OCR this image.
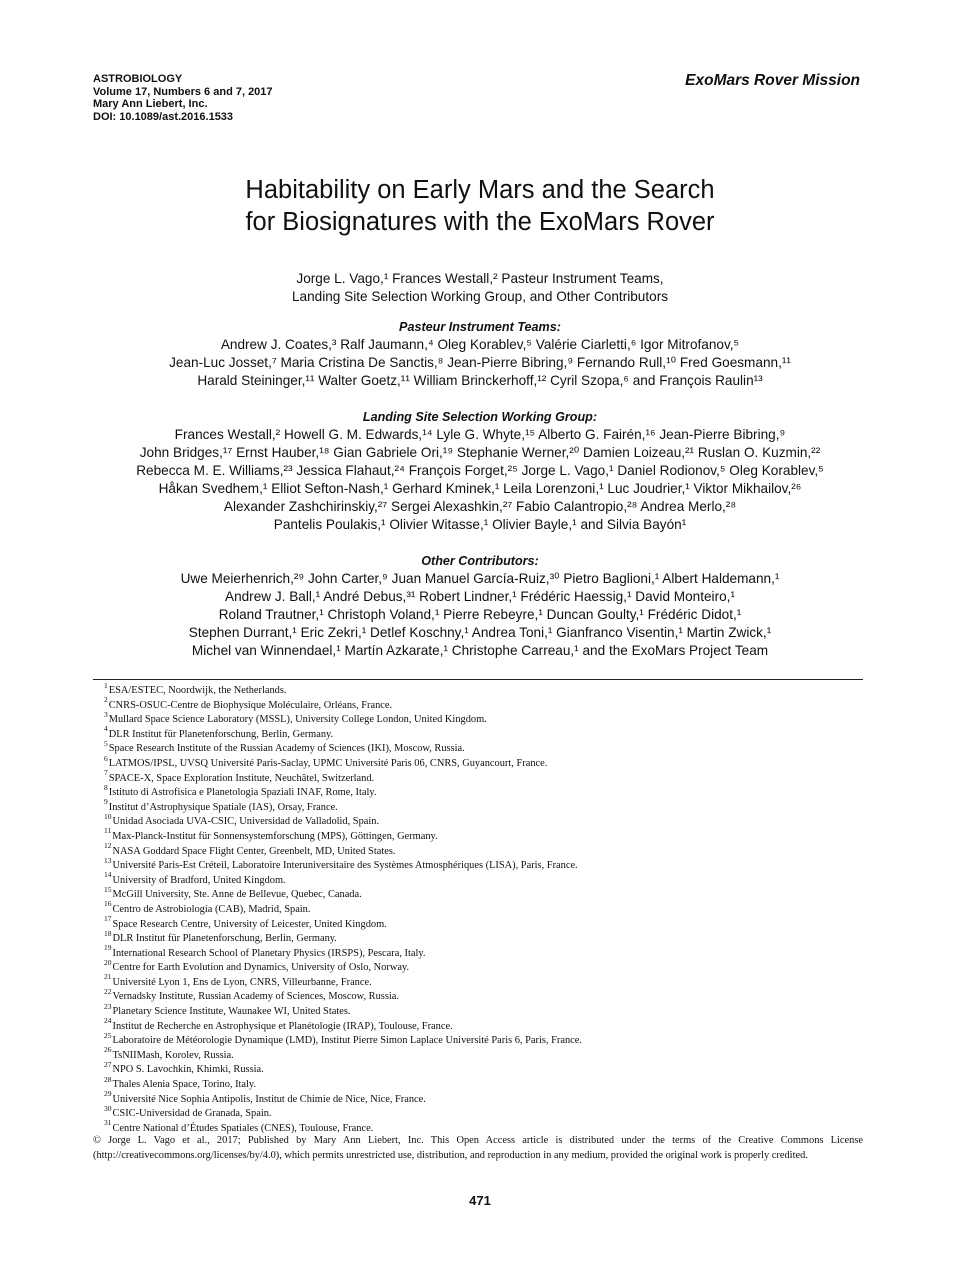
ASTROBIOLOGY
Volume 17, Numbers 6 and 7, 2017
Mary Ann Liebert, Inc.
DOI: 10.1089/ast.2016.1533
ExoMars Rover Mission
Habitability on Early Mars and the Search
for Biosignatures with the ExoMars Rover
Jorge L. Vago,¹ Frances Westall,² Pasteur Instrument Teams,
Landing Site Selection Working Group, and Other Contributors
Pasteur Instrument Teams:
Andrew J. Coates,³ Ralf Jaumann,⁴ Oleg Korablev,⁵ Valérie Ciarletti,⁶ Igor Mitrofanov,⁵
Jean-Luc Josset,⁷ Maria Cristina De Sanctis,⁸ Jean-Pierre Bibring,⁹ Fernando Rull,¹⁰ Fred Goesmann,¹¹
Harald Steininger,¹¹ Walter Goetz,¹¹ William Brinckerhoff,¹² Cyril Szopa,⁶ and François Raulin¹³
Landing Site Selection Working Group:
Frances Westall,² Howell G. M. Edwards,¹⁴ Lyle G. Whyte,¹⁵ Alberto G. Fairén,¹⁶ Jean-Pierre Bibring,⁹
John Bridges,¹⁷ Ernst Hauber,¹⁸ Gian Gabriele Ori,¹⁹ Stephanie Werner,²⁰ Damien Loizeau,²¹ Ruslan O. Kuzmin,²²
Rebecca M. E. Williams,²³ Jessica Flahaut,²⁴ François Forget,²⁵ Jorge L. Vago,¹ Daniel Rodionov,⁵ Oleg Korablev,⁵
Håkan Svedhem,¹ Elliot Sefton-Nash,¹ Gerhard Kminek,¹ Leila Lorenzoni,¹ Luc Joudrier,¹ Viktor Mikhailov,²⁶
Alexander Zashchirinskiy,²⁷ Sergei Alexashkin,²⁷ Fabio Calantropio,²⁸ Andrea Merlo,²⁸
Pantelis Poulakis,¹ Olivier Witasse,¹ Olivier Bayle,¹ and Silvia Bayón¹
Other Contributors:
Uwe Meierhenrich,²⁹ John Carter,⁹ Juan Manuel García-Ruiz,³⁰ Pietro Baglioni,¹ Albert Haldemann,¹
Andrew J. Ball,¹ André Debus,³¹ Robert Lindner,¹ Frédéric Haessig,¹ David Monteiro,¹
Roland Trautner,¹ Christoph Voland,¹ Pierre Rebeyre,¹ Duncan Goulty,¹ Frédéric Didot,¹
Stephen Durrant,¹ Eric Zekri,¹ Detlef Koschny,¹ Andrea Toni,¹ Gianfranco Visentin,¹ Martin Zwick,¹
Michel van Winnendael,¹ Martín Azkarate,¹ Christophe Carreau,¹ and the ExoMars Project Team
$^1$ESA/ESTEC, Noordwijk, the Netherlands.
$^2$CNRS-OSUC-Centre de Biophysique Moléculaire, Orléans, France.
$^3$Mullard Space Science Laboratory (MSSL), University College London, United Kingdom.
$^4$DLR Institut für Planetenforschung, Berlin, Germany.
$^5$Space Research Institute of the Russian Academy of Sciences (IKI), Moscow, Russia.
$^6$LATMOS/IPSL, UVSQ Université Paris-Saclay, UPMC Université Paris 06, CNRS, Guyancourt, France.
$^7$SPACE-X, Space Exploration Institute, Neuchâtel, Switzerland.
$^8$Istituto di Astrofisica e Planetologia Spaziali INAF, Rome, Italy.
$^9$Institut d’Astrophysique Spatiale (IAS), Orsay, France.
$^{10}$Unidad Asociada UVA-CSIC, Universidad de Valladolid, Spain.
$^{11}$Max-Planck-Institut für Sonnensystemforschung (MPS), Göttingen, Germany.
$^{12}$NASA Goddard Space Flight Center, Greenbelt, MD, United States.
$^{13}$Université Paris-Est Créteil, Laboratoire Interuniversitaire des Systèmes Atmosphériques (LISA), Paris, France.
$^{14}$University of Bradford, United Kingdom.
$^{15}$McGill University, Ste. Anne de Bellevue, Quebec, Canada.
$^{16}$Centro de Astrobiología (CAB), Madrid, Spain.
$^{17}$Space Research Centre, University of Leicester, United Kingdom.
$^{18}$DLR Institut für Planetenforschung, Berlin, Germany.
$^{19}$International Research School of Planetary Physics (IRSPS), Pescara, Italy.
$^{20}$Centre for Earth Evolution and Dynamics, University of Oslo, Norway.
$^{21}$Université Lyon 1, Ens de Lyon, CNRS, Villeurbanne, France.
$^{22}$Vernadsky Institute, Russian Academy of Sciences, Moscow, Russia.
$^{23}$Planetary Science Institute, Waunakee WI, United States.
$^{24}$Institut de Recherche en Astrophysique et Planétologie (IRAP), Toulouse, France.
$^{25}$Laboratoire de Météorologie Dynamique (LMD), Institut Pierre Simon Laplace Université Paris 6, Paris, France.
$^{26}$TsNIIMash, Korolev, Russia.
$^{27}$NPO S. Lavochkin, Khimki, Russia.
$^{28}$Thales Alenia Space, Torino, Italy.
$^{29}$Université Nice Sophia Antipolis, Institut de Chimie de Nice, Nice, France.
$^{30}$CSIC-Universidad de Granada, Spain.
$^{31}$Centre National d’Études Spatiales (CNES), Toulouse, France.
© Jorge L. Vago et al., 2017; Published by Mary Ann Liebert, Inc. This Open Access article is distributed under the terms of the Creative Commons License (http://creativecommons.org/licenses/by/4.0), which permits unrestricted use, distribution, and reproduction in any medium, provided the original work is properly credited.
471
